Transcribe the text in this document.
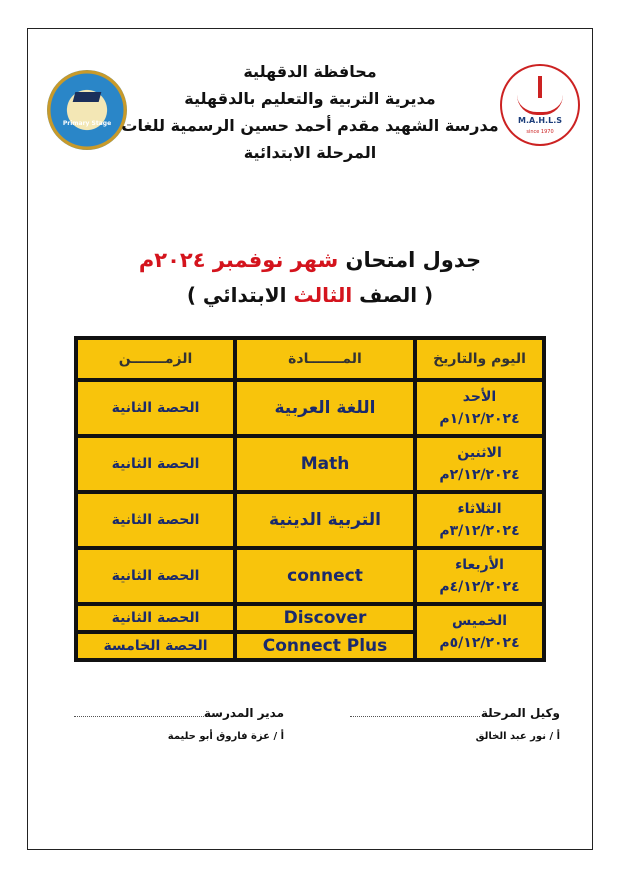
Primary Stage	M.A.H.L.S
since 1970
محافظة الدقهلية
مديرية التربية والتعليم بالدقهلية
مدرسة الشهيد مقدم أحمد حسين الرسمية للغات
المرحلة الابتدائية
جدول امتحان شهر نوفمبر ٢٠٢٤م
( الصف الثالث الابتدائي )
اليوم والتاريخ	المـــــــادة	الزمـــــــن

الأحد
١/١٢/٢٠٢٤م	اللغة العربية	الحصة الثانية

الاثنين
٢/١٢/٢٠٢٤م	Math	الحصة الثانية

الثلاثاء
٣/١٢/٢٠٢٤م	التربية الدينية	الحصة الثانية

الأربعاء
٤/١٢/٢٠٢٤م	connect	الحصة الثانية

الخميس
٥/١٢/٢٠٢٤م	Discover	الحصة الثانية
	Connect Plus	الحصة الخامسة
وكيل المرحلة
أ / نور عبد الخالق
مدير المدرسة
أ / عزة فاروق أبو حليمة
